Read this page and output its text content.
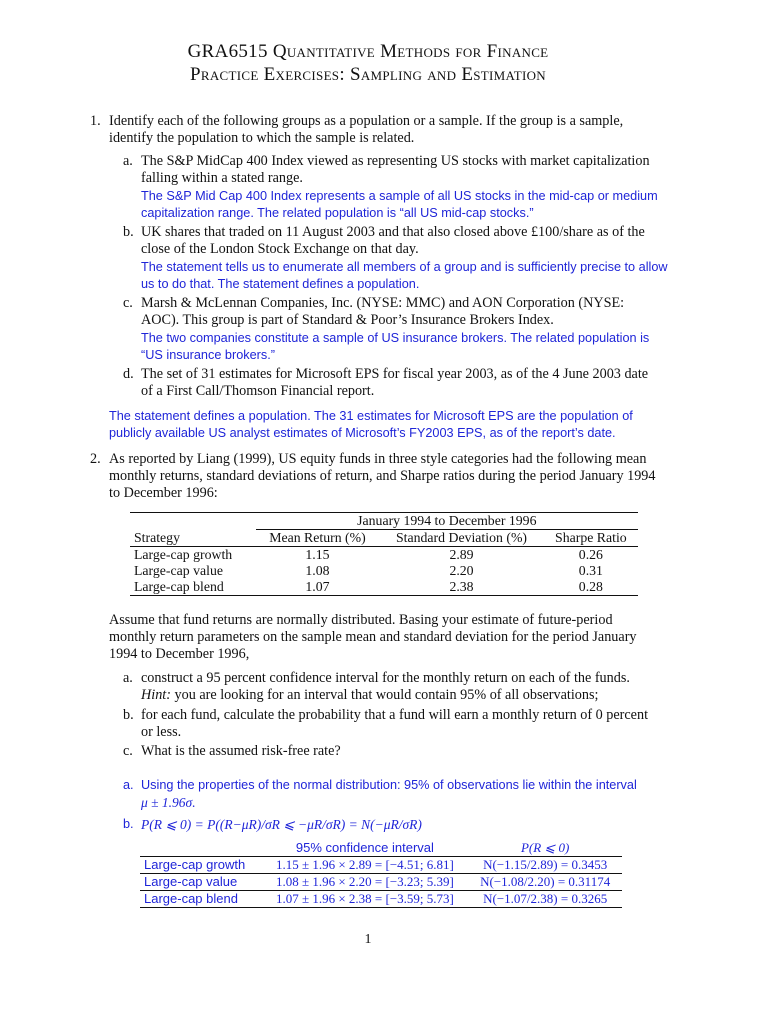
GRA6515 Quantitative Methods for Finance
Practice Exercises: Sampling and Estimation
1. Identify each of the following groups as a population or a sample. If the group is a sample, identify the population to which the sample is related.
a. The S&P MidCap 400 Index viewed as representing US stocks with market capitalization falling within a stated range.
The S&P Mid Cap 400 Index represents a sample of all US stocks in the mid-cap or medium capitalization range. The related population is “all US mid-cap stocks.”
b. UK shares that traded on 11 August 2003 and that also closed above £100/share as of the close of the London Stock Exchange on that day.
The statement tells us to enumerate all members of a group and is sufficiently precise to allow us to do that. The statement defines a population.
c. Marsh & McLennan Companies, Inc. (NYSE: MMC) and AON Corporation (NYSE: AOC). This group is part of Standard & Poor’s Insurance Brokers Index.
The two companies constitute a sample of US insurance brokers. The related population is “US insurance brokers.”
d. The set of 31 estimates for Microsoft EPS for fiscal year 2003, as of the 4 June 2003 date of a First Call/Thomson Financial report.
The statement defines a population. The 31 estimates for Microsoft EPS are the population of publicly available US analyst estimates of Microsoft’s FY2003 EPS, as of the report’s date.
2. As reported by Liang (1999), US equity funds in three style categories had the following mean monthly returns, standard deviations of return, and Sharpe ratios during the period January 1994 to December 1996:
	January 1994 to December 1996		
Strategy	Mean Return (%)	Standard Deviation (%)	Sharpe Ratio
Large-cap growth	1.15	2.89	0.26
Large-cap value	1.08	2.20	0.31
Large-cap blend	1.07	2.38	0.28
Assume that fund returns are normally distributed. Basing your estimate of future-period monthly return parameters on the sample mean and standard deviation for the period January 1994 to December 1996,
a. construct a 95 percent confidence interval for the monthly return on each of the funds.
Hint: you are looking for an interval that would contain 95% of all observations;
b. for each fund, calculate the probability that a fund will earn a monthly return of 0 percent or less.
c. What is the assumed risk-free rate?
a. Using the properties of the normal distribution: 95% of observations lie within the interval
μ ± 1.96σ.
b. P(R ⩽ 0) = P((R−μR)/σR ⩽ −μR/σR) = N(−μR/σR)
	95% confidence interval	P(R ⩽ 0)
Large-cap growth	1.15 ± 1.96 × 2.89 = [−4.51; 6.81]	N(−1.15/2.89) = 0.3453
Large-cap value	1.08 ± 1.96 × 2.20 = [−3.23; 5.39]	N(−1.08/2.20) = 0.31174
Large-cap blend	1.07 ± 1.96 × 2.38 = [−3.59; 5.73]	N(−1.07/2.38) = 0.3265
1
